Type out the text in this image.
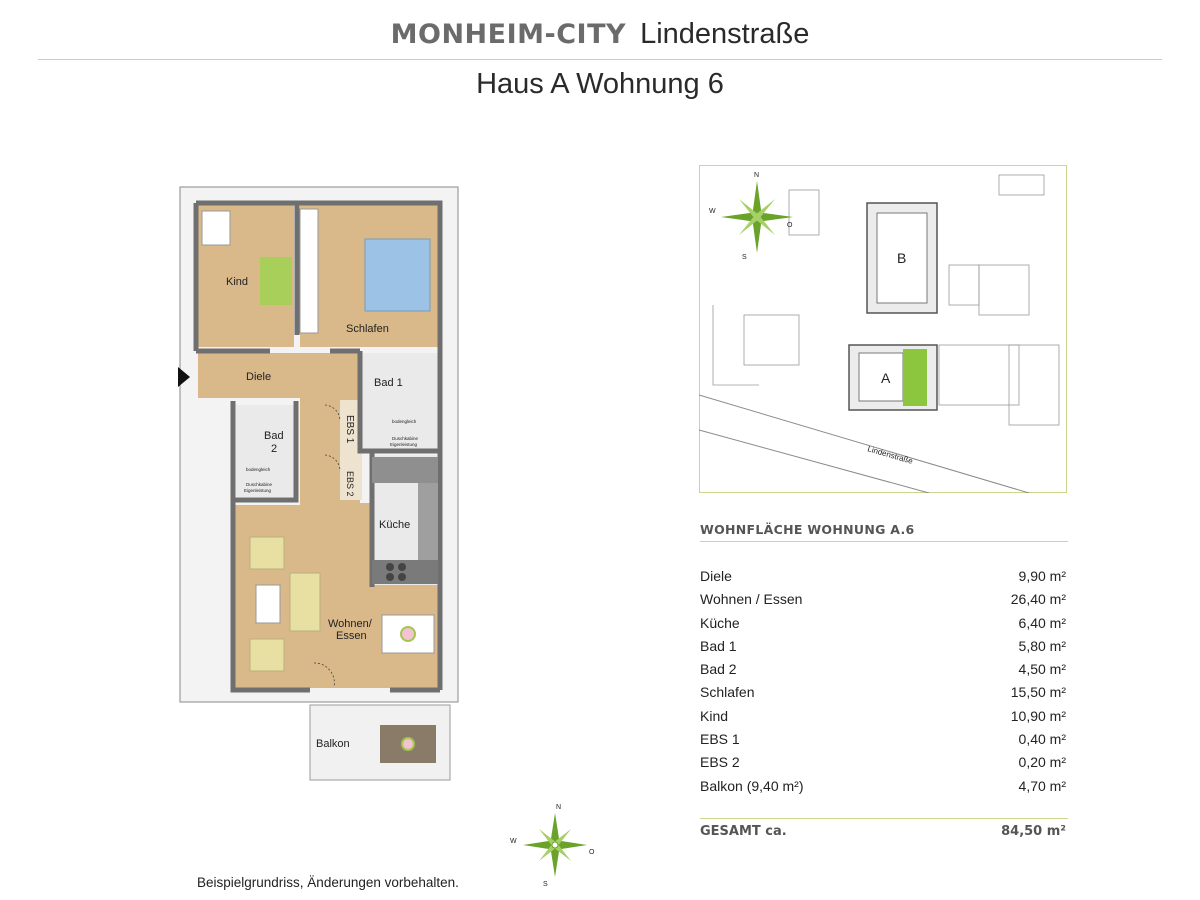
MONHEIM-CITY Lindenstraße
Haus A Wohnung 6
Kind
Schlafen
Diele	Bad 1
Bad
2
EBS 1
EBS 2
Küche
Wohnen/
Essen
Balkon
bodengleich
Duschkabine
Eigenleistung
bodengleich
Duschkabine
Eigenleistung
A
B
Lindenstraße
N
S
W
O
WOHNFLÄCHE WOHNUNG A.6
Diele	9,90 m²
Wohnen / Essen	26,40 m²
Küche	6,40 m²
Bad 1	5,80 m²
Bad 2	4,50 m²
Schlafen	15,50 m²
Kind	10,90 m²
EBS 1	0,40 m²
EBS 2	0,20 m²
Balkon (9,40 m²)	4,70 m²
GESAMT ca.	84,50 m²
N
S
W
O
Beispielgrundriss, Änderungen vorbehalten.
